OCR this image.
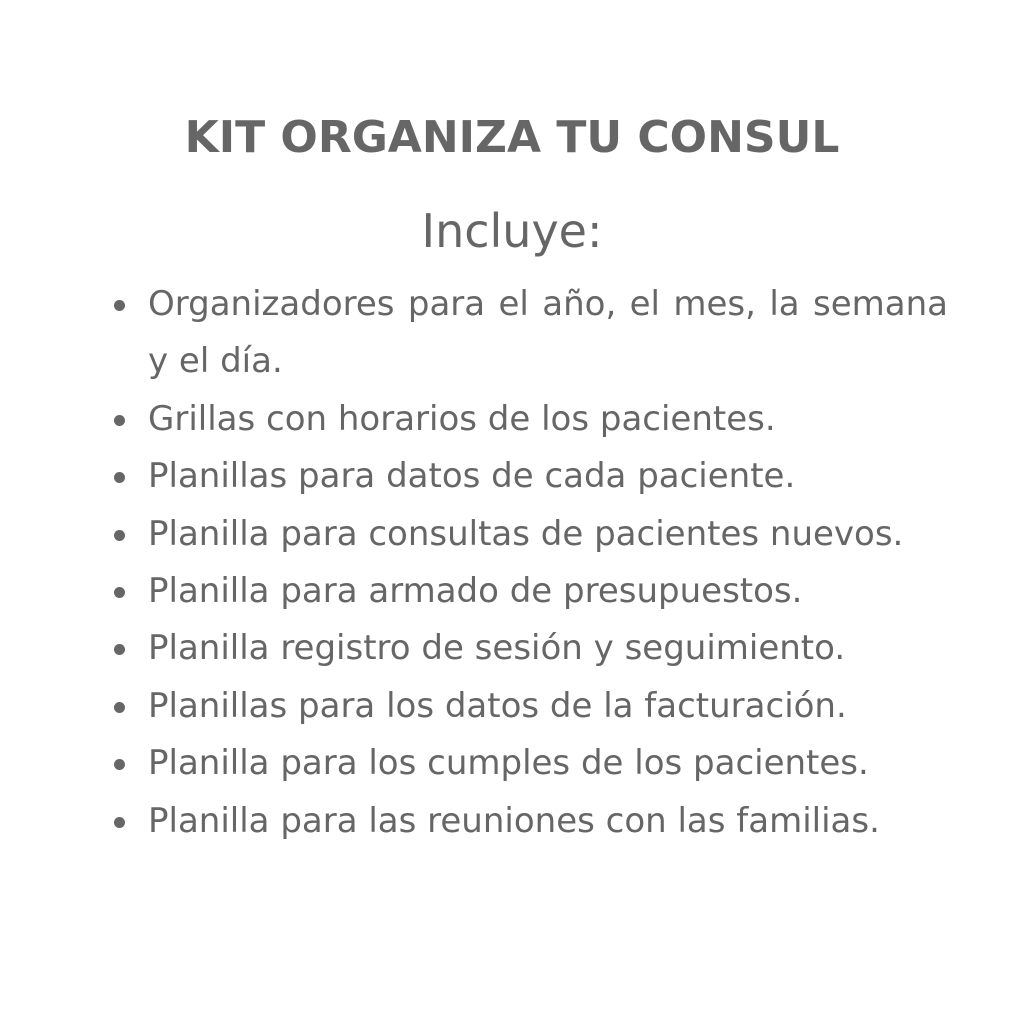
KIT ORGANIZA TU CONSUL
Incluye:
Organizadores para el año, el mes, la semana y el día.
Grillas con horarios de los pacientes.
Planillas para datos de cada paciente.
Planilla para consultas de pacientes nuevos.
Planilla para armado de presupuestos.
Planilla registro de sesión y seguimiento.
Planillas para los datos de la facturación.
Planilla para los cumples de los pacientes.
Planilla para las reuniones con las familias.
